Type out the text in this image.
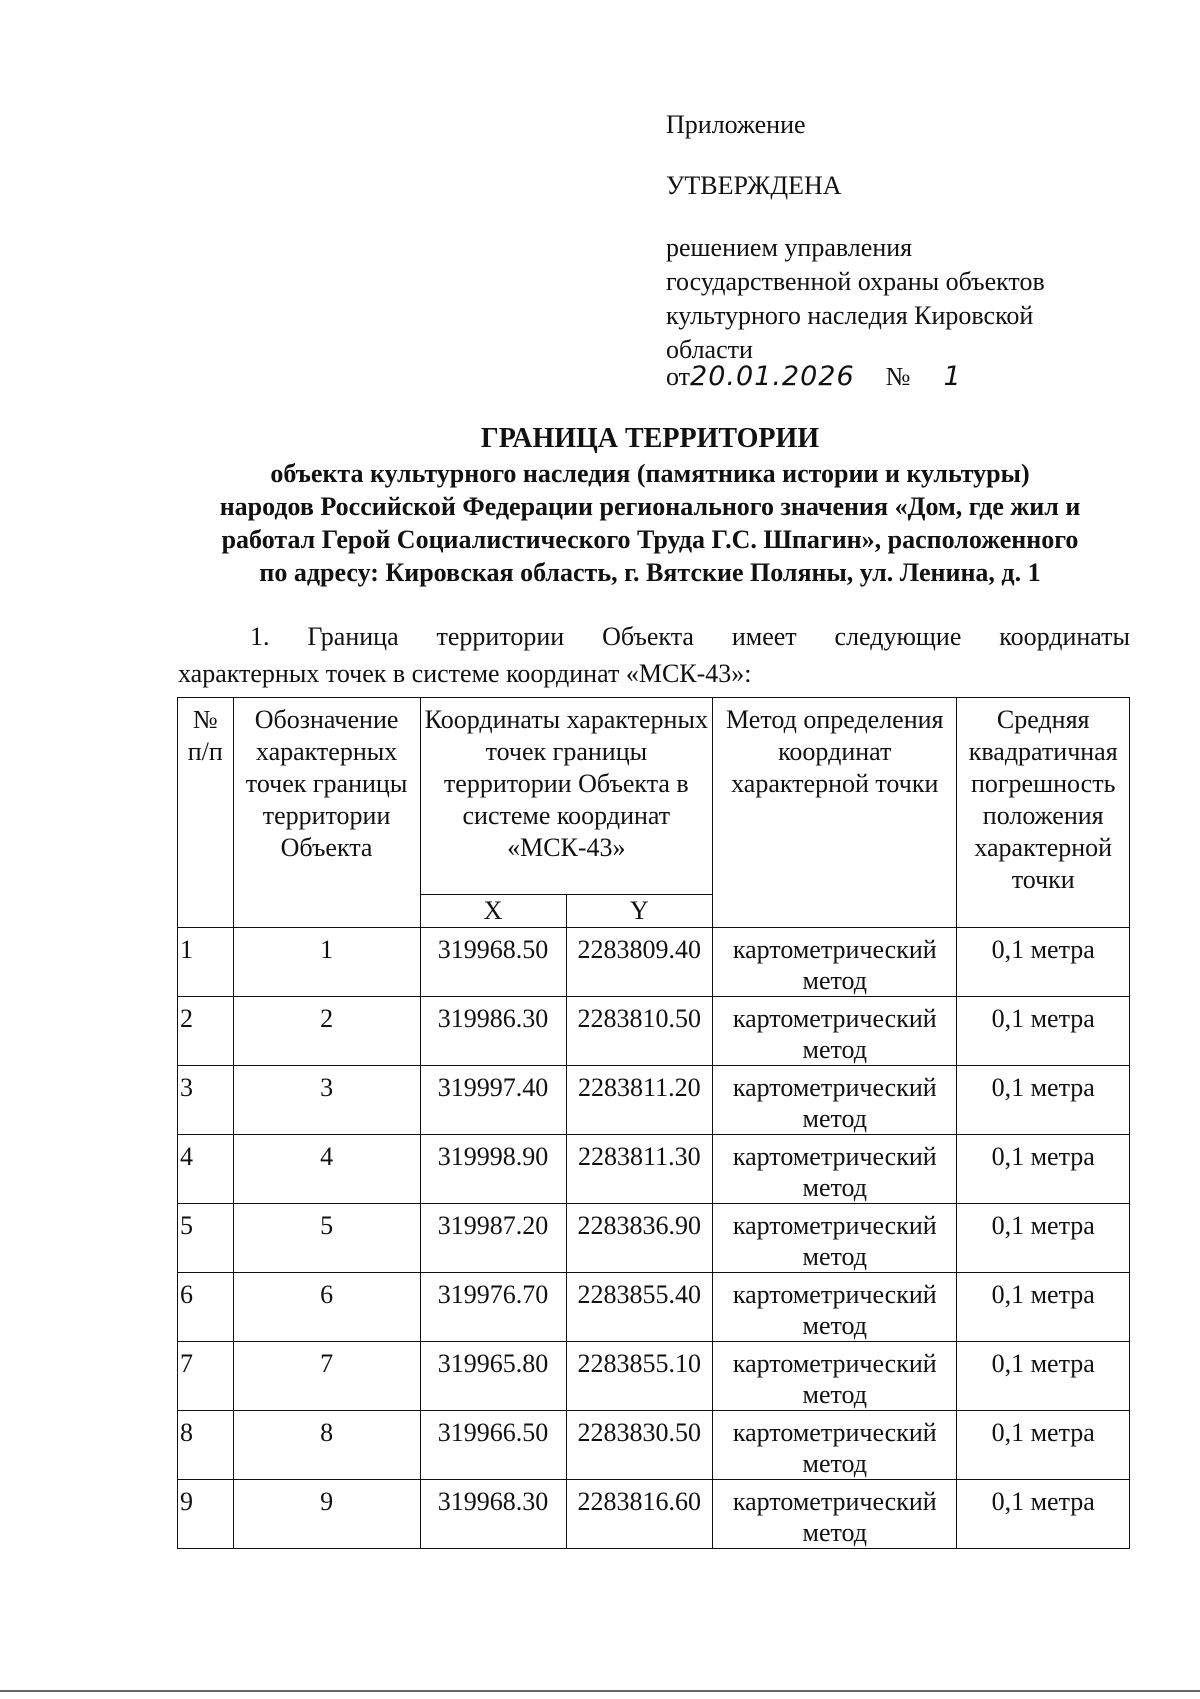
Приложение
УТВЕРЖДЕНА
решением управления
государственной охраны объектов
культурного наследия Кировской
области
от20.01.2026 № 1
ГРАНИЦА ТЕРРИТОРИИ
объекта культурного наследия (памятника истории и культуры)
народов Российской Федерации регионального значения «Дом, где жил и
работал Герой Социалистического Труда Г.С. Шпагин», расположенного
по адресу: Кировская область, г. Вятские Поляны, ул. Ленина, д. 1
1. Граница территории Объекта имеет следующие координаты
характерных точек в системе координат «МСК-43»:
№ п/п	Обозначение характерных точек границы территории Объекта	Координаты характерных точек границы территории Объекта в системе координат «МСК-43»		Метод определения координат характерной точки	Средняя квадратичная погрешность положения характерной точки
		X	Y		
1	1	319968.50	2283809.40	картометрический метод	0,1 метра
2	2	319986.30	2283810.50	картометрический метод	0,1 метра
3	3	319997.40	2283811.20	картометрический метод	0,1 метра
4	4	319998.90	2283811.30	картометрический метод	0,1 метра
5	5	319987.20	2283836.90	картометрический метод	0,1 метра
6	6	319976.70	2283855.40	картометрический метод	0,1 метра
7	7	319965.80	2283855.10	картометрический метод	0,1 метра
8	8	319966.50	2283830.50	картометрический метод	0,1 метра
9	9	319968.30	2283816.60	картометрический метод	0,1 метра
